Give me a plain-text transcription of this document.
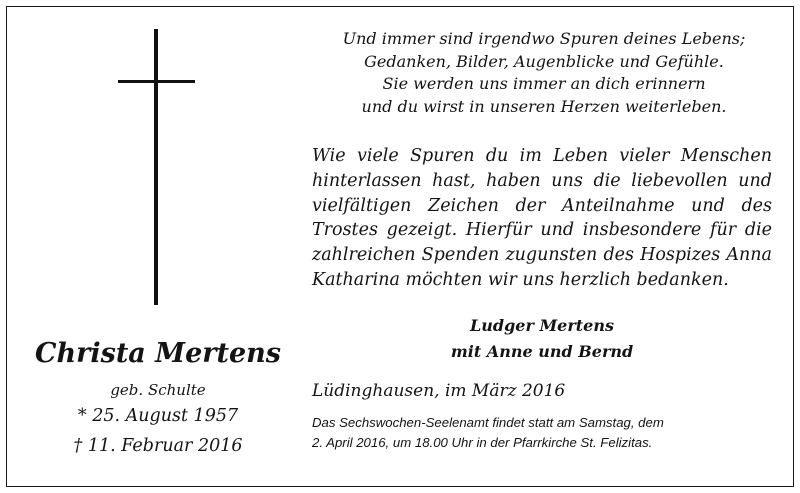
Und immer sind irgendwo Spuren deines Lebens;
Gedanken, Bilder, Augenblicke und Gefühle.
Sie werden uns immer an dich erinnern
und du wirst in unseren Herzen weiterleben.
Wie viele Spuren du im Leben vieler Menschen hinterlassen hast, haben uns die liebevollen und vielfältigen Zeichen der Anteilnahme und des Trostes gezeigt. Hierfür und insbesondere für die zahlreichen Spenden zugunsten des Hospizes Anna Katharina möchten wir uns herzlich bedanken.
Ludger Mertens
mit Anne und Bernd
Christa Mertens
geb. Schulte
* 25. August 1957
† 11. Februar 2016
Lüdinghausen, im März 2016
Das Sechswochen-Seelenamt findet statt am Samstag, dem
2. April 2016, um 18.00 Uhr in der Pfarrkirche St. Felizitas.
